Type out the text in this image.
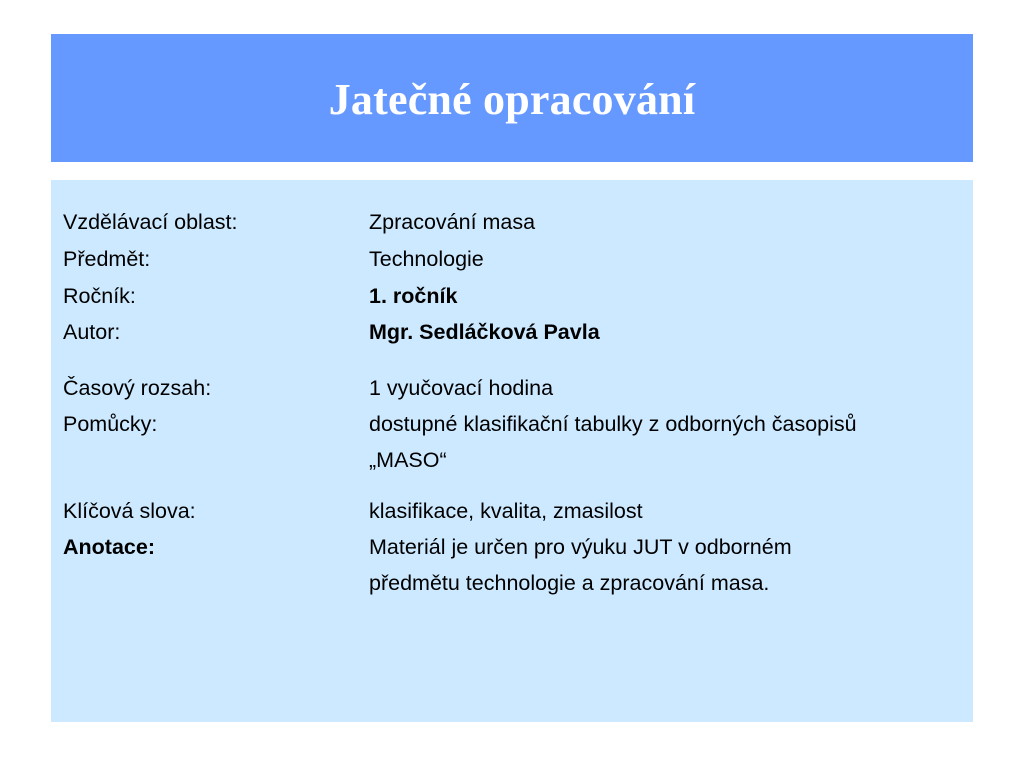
Jatečné opracování
Vzdělávací oblast:	Zpracování masa
Předmět:	Technologie
Ročník:	1. ročník
Autor:	Mgr. Sedláčková Pavla
Časový rozsah:	1 vyučovací hodina
Pomůcky:	dostupné klasifikační tabulky z odborných časopisů
„MASO“
Klíčová slova:	klasifikace, kvalita, zmasilost
Anotace:	Materiál je určen pro výuku JUT v odborném
předmětu technologie a zpracování masa.
